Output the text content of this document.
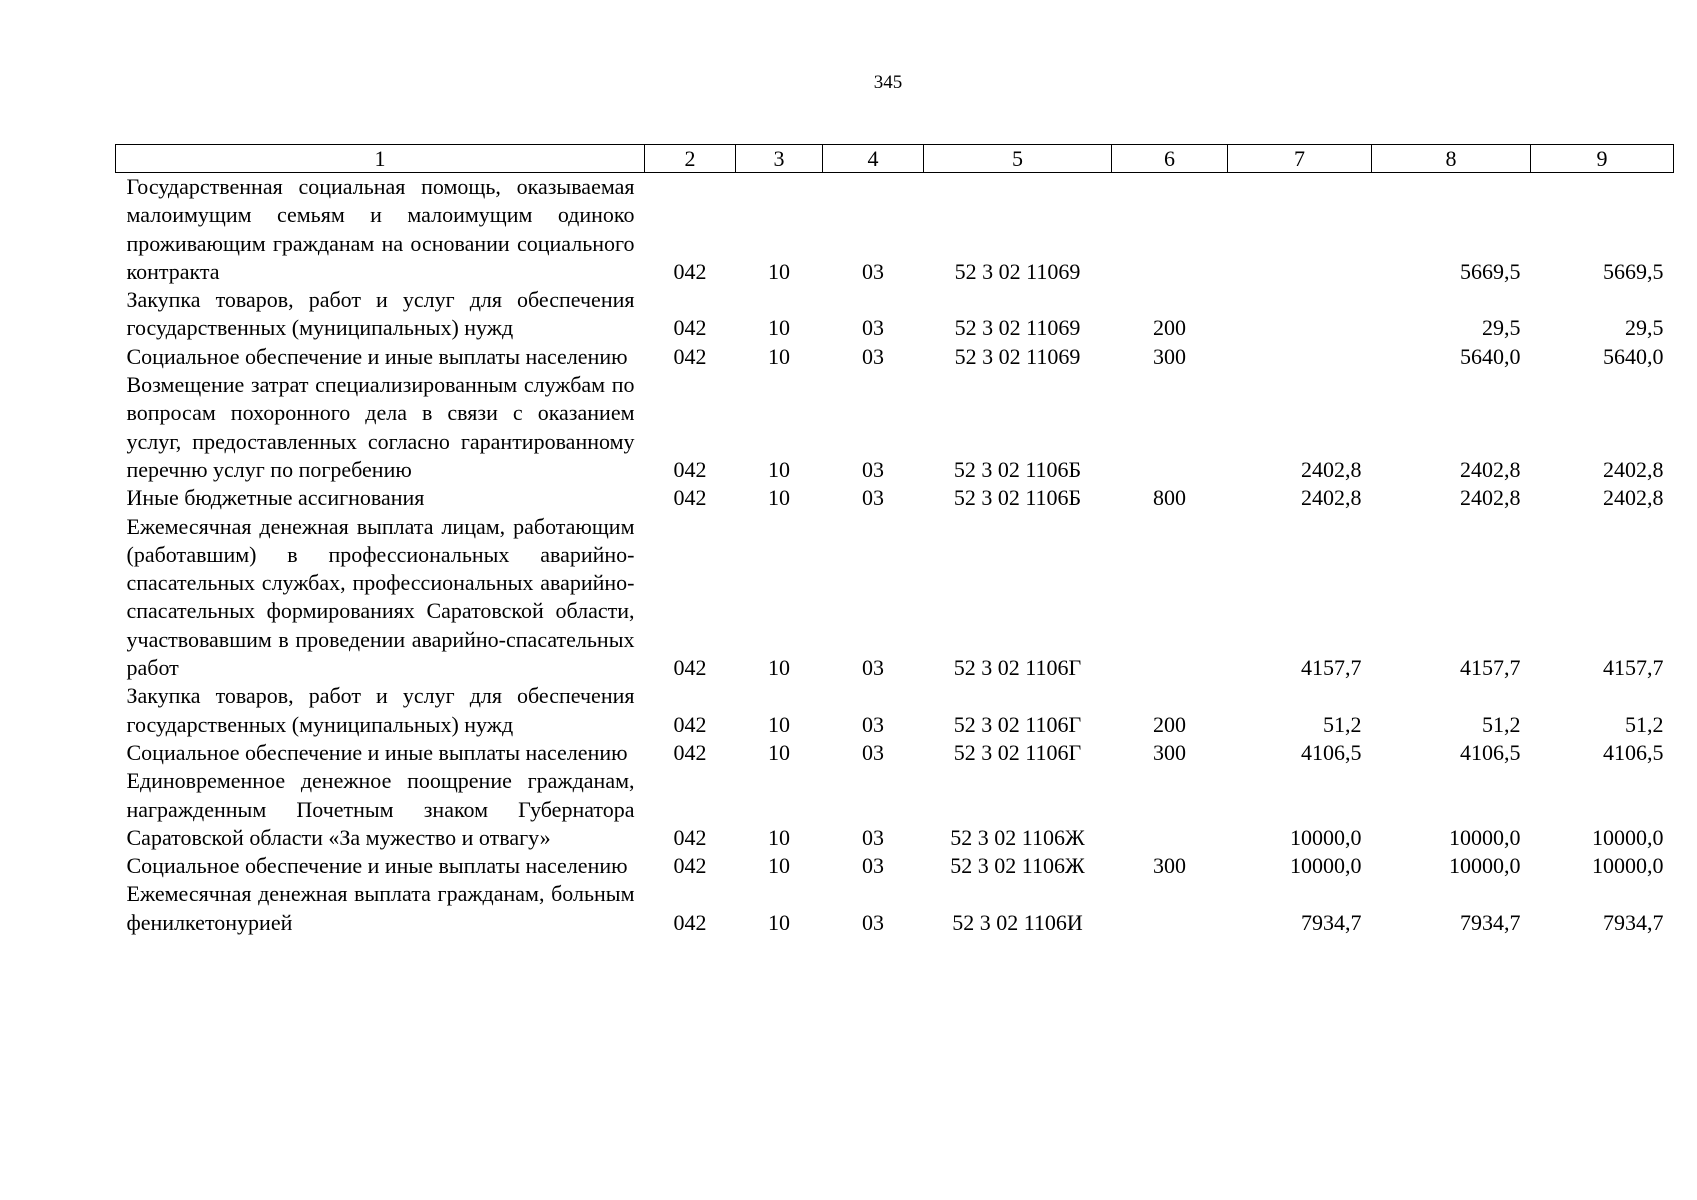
345
1	2	3	4	5	6	7	8	9
Государственная социальная помощь, оказываемая малоимущим семьям и малоимущим одиноко проживающим гражданам на основании социального контракта	042	10	03	52 3 02 11069			5669,5	5669,5
Закупка товаров, работ и услуг для обеспечения государственных (муниципальных) нужд	042	10	03	52 3 02 11069	200		29,5	29,5
Социальное обеспечение и иные выплаты населению	042	10	03	52 3 02 11069	300		5640,0	5640,0
Возмещение затрат специализированным службам по вопросам похоронного дела в связи с оказанием услуг, предоставленных согласно гарантированному перечню услуг по погребению	042	10	03	52 3 02 1106Б		2402,8	2402,8	2402,8
Иные бюджетные ассигнования	042	10	03	52 3 02 1106Б	800	2402,8	2402,8	2402,8
Ежемесячная денежная выплата лицам, работающим (работавшим) в профессиональных аварийно-спасательных службах, профессиональных аварийно-спасательных формированиях Саратовской области, участвовавшим в проведении аварийно-спасательных работ	042	10	03	52 3 02 1106Г		4157,7	4157,7	4157,7
Закупка товаров, работ и услуг для обеспечения государственных (муниципальных) нужд	042	10	03	52 3 02 1106Г	200	51,2	51,2	51,2
Социальное обеспечение и иные выплаты населению	042	10	03	52 3 02 1106Г	300	4106,5	4106,5	4106,5
Единовременное денежное поощрение гражданам, награжденным Почетным знаком Губернатора Саратовской области «За мужество и отвагу»	042	10	03	52 3 02 1106Ж		10000,0	10000,0	10000,0
Социальное обеспечение и иные выплаты населению	042	10	03	52 3 02 1106Ж	300	10000,0	10000,0	10000,0
Ежемесячная денежная выплата гражданам, больным фенилкетонурией	042	10	03	52 3 02 1106И		7934,7	7934,7	7934,7
